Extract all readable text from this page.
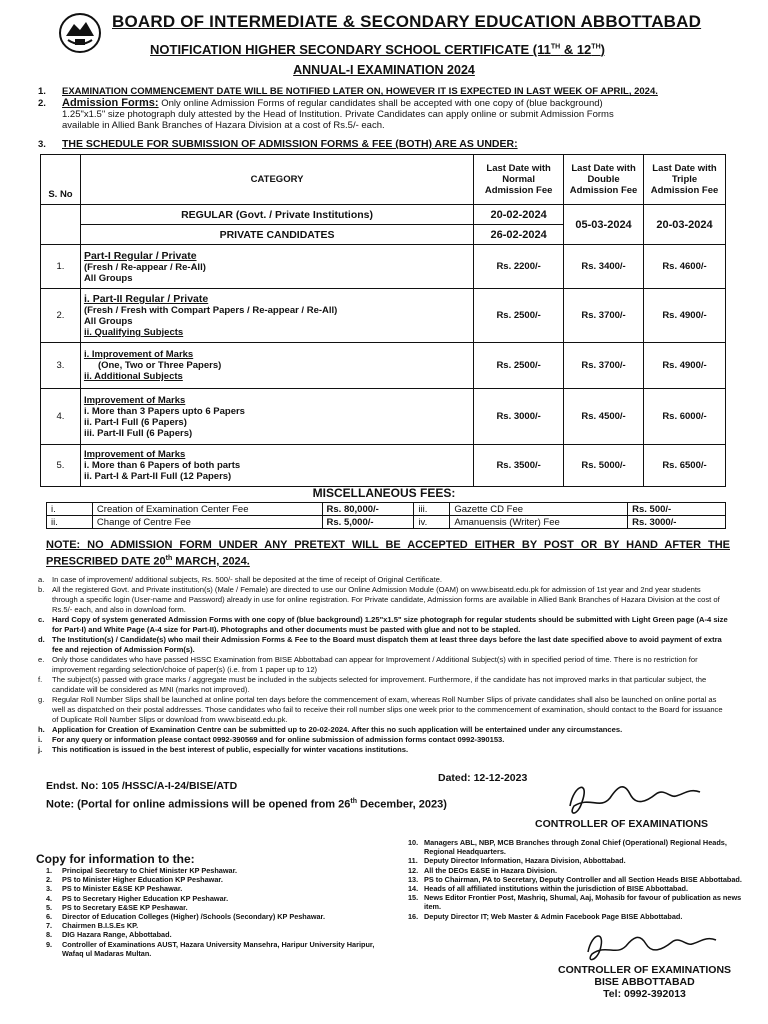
BOARD OF INTERMEDIATE & SECONDARY EDUCATION ABBOTTABAD
NOTIFICATION HIGHER SECONDARY SCHOOL CERTIFICATE (11TH & 12TH)
ANNUAL-I EXAMINATION 2024
1. EXAMINATION COMMENCEMENT DATE WILL BE NOTIFIED LATER ON, HOWEVER IT IS EXPECTED IN LAST WEEK OF APRIL, 2024.
2. Admission Forms: Only online Admission Forms of regular candidates shall be accepted with one copy of (blue background)
1.25"x1.5" size photograph duly attested by the Head of Institution. Private Candidates can apply online or submit Admission Forms
available in Allied Bank Branches of Hazara Division at a cost of Rs.5/- each.
3. THE SCHEDULE FOR SUBMISSION OF ADMISSION FORMS & FEE (BOTH) ARE AS UNDER:
S. No	CATEGORY	Last Date with Normal Admission Fee	Last Date with Double Admission Fee	Last Date with Triple Admission Fee
	REGULAR (Govt. / Private Institutions)	20-02-2024	05-03-2024	20-03-2024
	PRIVATE CANDIDATES	26-02-2024		
1.	Part-I Regular / Private
(Fresh / Re-appear / Re-All)
All Groups	Rs. 2200/-	Rs. 3400/-	Rs. 4600/-
2.	i. Part-II Regular / Private
(Fresh / Fresh with Compart Papers / Re-appear / Re-All)
All Groups
ii. Qualifying Subjects	Rs. 2500/-	Rs. 3700/-	Rs. 4900/-
3.	i. Improvement of Marks
(One, Two or Three Papers)
ii. Additional Subjects	Rs. 2500/-	Rs. 3700/-	Rs. 4900/-
4.	Improvement of Marks
i. More than 3 Papers upto 6 Papers
ii. Part-I Full (6 Papers)
iii. Part-II Full (6 Papers)	Rs. 3000/-	Rs. 4500/-	Rs. 6000/-
5.	Improvement of Marks
i. More than 6 Papers of both parts
ii. Part-I & Part-II Full (12 Papers)	Rs. 3500/-	Rs. 5000/-	Rs. 6500/-
MISCELLANEOUS FEES:
i.	Creation of Examination Center Fee	Rs. 80,000/-	iii.	Gazette CD Fee	Rs. 500/-
ii.	Change of Centre Fee	Rs. 5,000/-	iv.	Amanuensis (Writer) Fee	Rs. 3000/-
NOTE: NO ADMISSION FORM UNDER ANY PRETEXT WILL BE ACCEPTED EITHER BY POST OR BY HAND AFTER THE PRESCRIBED DATE 20th MARCH, 2024.
a. In case of improvement/ additional subjects, Rs. 500/- shall be deposited at the time of receipt of Original Certificate.
b. All the registered Govt. and Private institution(s) (Male / Female) are directed to use our Online Admission Module (OAM) on www.biseatd.edu.pk for admission of 1st year and 2nd year students through a specific login (User-name and Password) already in use for online registration. For Private candidate, Admission forms are available in Allied Bank Branches of Hazara Division at the cost of Rs.5/- each, and also in download form.
c. Hard Copy of system generated Admission Forms with one copy of (blue background) 1.25"x1.5" size photograph for regular students should be submitted with Light Green page (A-4 size for Part-I) and White Page (A-4 size for Part-II). Photographs and other documents must be pasted with glue and not to be stapled.
d. The Institution(s) / Candidate(s) who mail their Admission Forms & Fee to the Board must dispatch them at least three days before the last date specified above to avoid payment of extra fee and rejection of Admission Form(s).
e. Only those candidates who have passed HSSC Examination from BISE Abbottabad can appear for Improvement / Additional Subject(s) with in specified period of time. There is no restriction for improvement regarding selection/choice of paper(s) (i.e. from 1 paper up to 12)
f. The subject(s) passed with grace marks / aggregate must be included in the subjects selected for improvement. Furthermore, if the candidate has not improved marks in that particular subject, the candidate will be considered as MNI (marks not improved).
g. Regular Roll Number Slips shall be launched at online portal ten days before the commencement of exam, whereas Roll Number Slips of private candidates shall also be launched on online portal as well as dispatched on their postal addresses. Those candidates who fail to receive their roll number slips one week prior to the commencement of examination, should contact to the Board for issuance of Duplicate Roll Number Slips or download from www.biseatd.edu.pk.
h. Application for Creation of Examination Centre can be submitted up to 20-02-2024. After this no such application will be entertained under any circumstances.
i. For any query or information please contact 0992-390569 and for online submission of admission forms contact 0992-390153.
j. This notification is issued in the best interest of public, especially for winter vacations institutions.
Dated: 12-12-2023
Endst. No: 105 /HSSC/A-I-24/BISE/ATD
Note: (Portal for online admissions will be opened from 26th December, 2023)
CONTROLLER OF EXAMINATIONS
Copy for information to the:
1. Principal Secretary to Chief Minister KP Peshawar.
2. PS to Minister Higher Education KP Peshawar.
3. PS to Minister E&SE KP Peshawar.
4. PS to Secretary Higher Education KP Peshawar.
5. PS to Secretary E&SE KP Peshawar.
6. Director of Education Colleges (Higher) /Schools (Secondary) KP Peshawar.
7. Chairmen B.I.S.Es KP.
8. DIG Hazara Range, Abbottabad.
9. Controller of Examinations AUST, Hazara University Mansehra, Haripur University Haripur, Wafaq ul Madaras Multan.
10. Managers ABL, NBP, MCB Branches through Zonal Chief (Operational) Regional Heads, Regional Headquarters.
11. Deputy Director Information, Hazara Division, Abbottabad.
12. All the DEOs E&SE in Hazara Division.
13. PS to Chairman, PA to Secretary, Deputy Controller and all Section Heads BISE Abbottabad.
14. Heads of all affiliated institutions within the jurisdiction of BISE Abbottabad.
15. News Editor Frontier Post, Mashriq, Shumal, Aaj, Mohasib for favour of publication as news item.
16. Deputy Director IT; Web Master & Admin Facebook Page BISE Abbottabad.
CONTROLLER OF EXAMINATIONS
BISE ABBOTTABAD
Tel: 0992-392013
